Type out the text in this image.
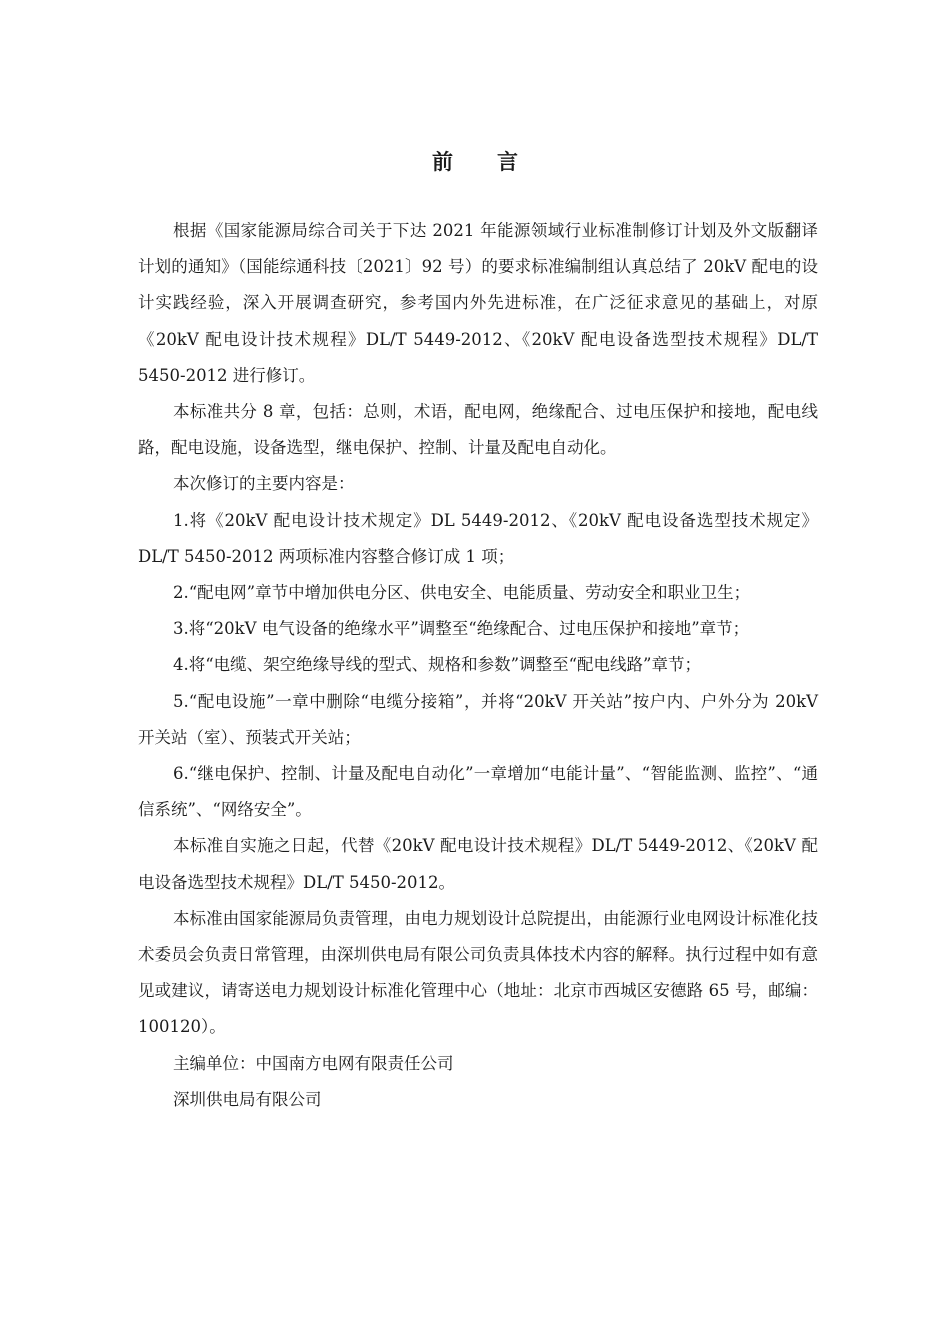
前 言

根据《国家能源局综合司关于下达 2021 年能源领域行业标准制修订计划及外文版翻译计划的通知》（国能综通科技〔2021〕92 号）的要求标准编制组认真总结了 20kV 配电的设计实践经验，深入开展调查研究，参考国内外先进标准，在广泛征求意见的基础上，对原《20kV 配电设计技术规程》DL/T 5449-2012、《20kV 配电设备选型技术规程》DL/T 5450-2012 进行修订。

本标准共分 8 章，包括：总则，术语，配电网，绝缘配合、过电压保护和接地，配电线路，配电设施，设备选型，继电保护、控制、计量及配电自动化。

本次修订的主要内容是：

1.将《20kV 配电设计技术规定》DL 5449-2012、《20kV 配电设备选型技术规定》DL/T 5450-2012 两项标准内容整合修订成 1 项；

2.“配电网”章节中增加供电分区、供电安全、电能质量、劳动安全和职业卫生；

3.将“20kV 电气设备的绝缘水平”调整至“绝缘配合、过电压保护和接地”章节；

4.将“电缆、架空绝缘导线的型式、规格和参数”调整至“配电线路”章节；

5.“配电设施”一章中删除“电缆分接箱”，并将“20kV 开关站”按户内、户外分为 20kV 开关站（室）、预装式开关站；

6.“继电保护、控制、计量及配电自动化”一章增加“电能计量”、“智能监测、监控”、“通信系统”、“网络安全”。

本标准自实施之日起，代替《20kV 配电设计技术规程》DL/T 5449-2012、《20kV 配电设备选型技术规程》DL/T 5450-2012。

本标准由国家能源局负责管理，由电力规划设计总院提出，由能源行业电网设计标准化技术委员会负责日常管理，由深圳供电局有限公司负责具体技术内容的解释。执行过程中如有意见或建议，请寄送电力规划设计标准化管理中心（地址：北京市西城区安德路 65 号，邮编：100120）。

主编单位：中国南方电网有限责任公司

深圳供电局有限公司
